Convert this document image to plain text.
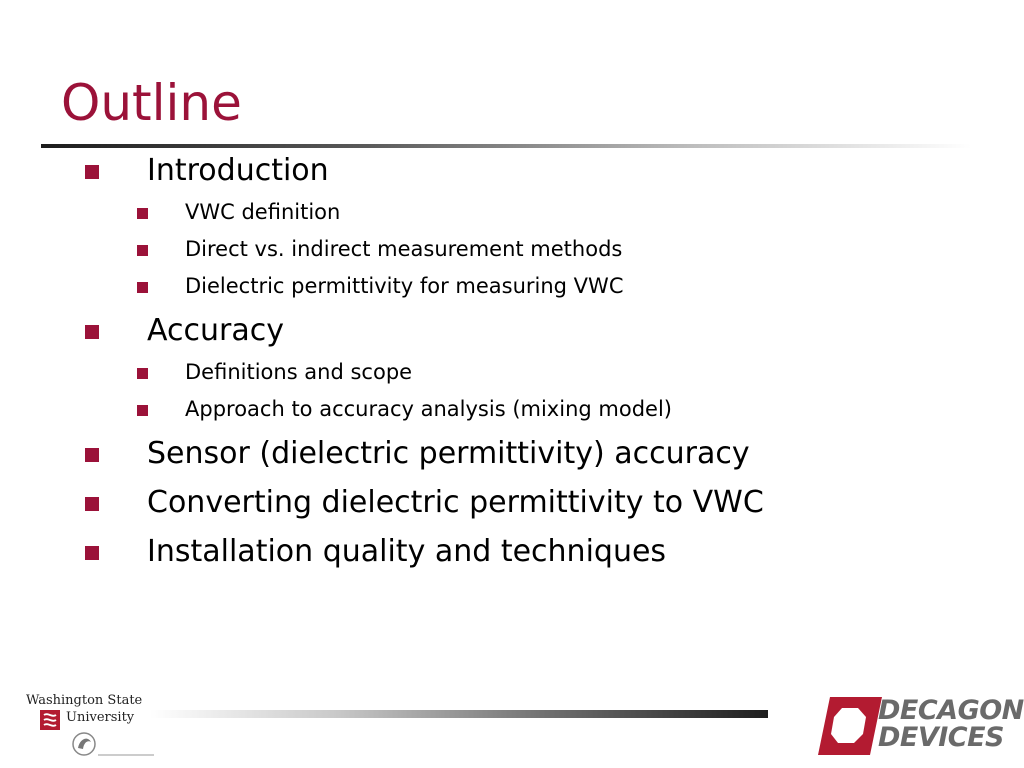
Outline
Introduction
VWC definition
Direct vs. indirect measurement methods
Dielectric permittivity for measuring VWC
Accuracy
Definitions and scope
Approach to accuracy analysis (mixing model)
Sensor (dielectric permittivity) accuracy
Converting dielectric permittivity to VWC
Installation quality and techniques
Washington State
University	DECAGON
DEVICES
